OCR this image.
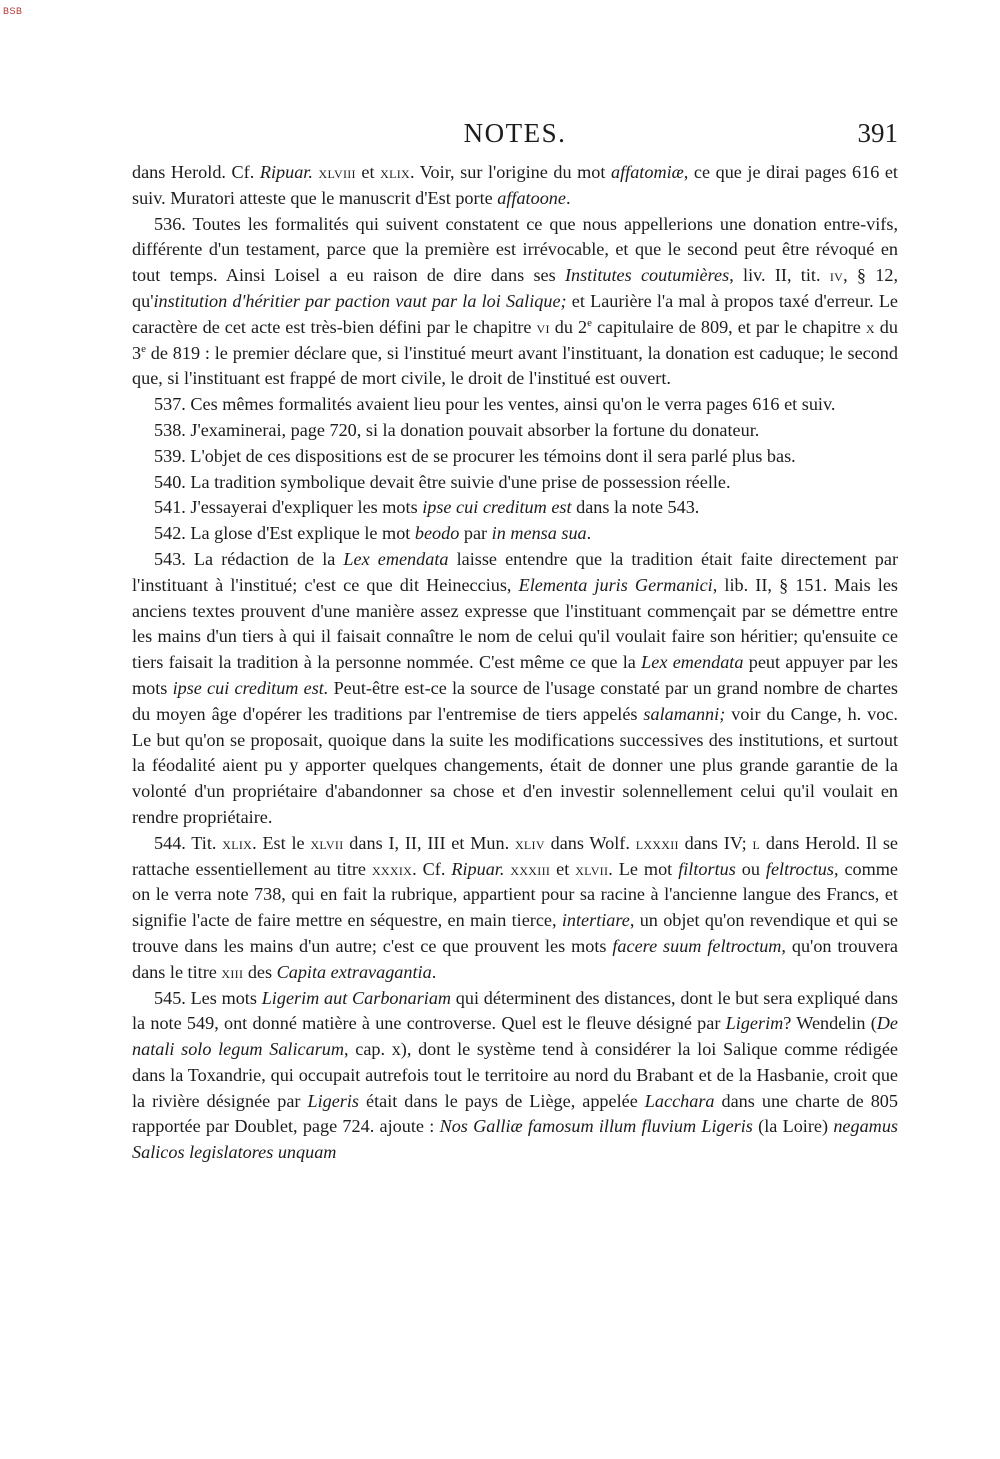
BSB
NOTES.	391

dans Herold. Cf. Ripuar. xlviii et xlix. Voir, sur l'origine du mot affatomiæ, ce que je dirai pages 616 et suiv. Muratori atteste que le manuscrit d'Est porte affatoone.

536. Toutes les formalités qui suivent constatent ce que nous appellerions une donation entre-vifs, différente d'un testament, parce que la première est irrévocable, et que le second peut être révoqué en tout temps. Ainsi Loisel a eu raison de dire dans ses Institutes coutumières, liv. II, tit. iv, § 12, qu'institution d'héritier par paction vaut par la loi Salique; et Laurière l'a mal à propos taxé d'erreur. Le caractère de cet acte est très-bien défini par le chapitre vi du 2e capitulaire de 809, et par le chapitre x du 3e de 819 : le premier déclare que, si l'institué meurt avant l'instituant, la donation est caduque; le second que, si l'instituant est frappé de mort civile, le droit de l'institué est ouvert.

537. Ces mêmes formalités avaient lieu pour les ventes, ainsi qu'on le verra pages 616 et suiv.

538. J'examinerai, page 720, si la donation pouvait absorber la fortune du donateur.

539. L'objet de ces dispositions est de se procurer les témoins dont il sera parlé plus bas.

540. La tradition symbolique devait être suivie d'une prise de possession réelle.

541. J'essayerai d'expliquer les mots ipse cui creditum est dans la note 543.

542. La glose d'Est explique le mot beodo par in mensa sua.

543. La rédaction de la Lex emendata laisse entendre que la tradition était faite directement par l'instituant à l'institué; c'est ce que dit Heineccius, Elementa juris Germanici, lib. II, § 151. Mais les anciens textes prouvent d'une manière assez expresse que l'instituant commençait par se démettre entre les mains d'un tiers à qui il faisait connaître le nom de celui qu'il voulait faire son héritier; qu'ensuite ce tiers faisait la tradition à la personne nommée. C'est même ce que la Lex emendata peut appuyer par les mots ipse cui creditum est. Peut-être est-ce la source de l'usage constaté par un grand nombre de chartes du moyen âge d'opérer les traditions par l'entremise de tiers appelés salamanni; voir du Cange, h. voc. Le but qu'on se proposait, quoique dans la suite les modifications successives des institutions, et surtout la féodalité aient pu y apporter quelques changements, était de donner une plus grande garantie de la volonté d'un propriétaire d'abandonner sa chose et d'en investir solennellement celui qu'il voulait en rendre propriétaire.

544. Tit. xlix. Est le xlvii dans I, II, III et Mun. xliv dans Wolf. lxxxii dans IV; l dans Herold. Il se rattache essentiellement au titre xxxix. Cf. Ripuar. xxxiii et xlvii. Le mot filtortus ou feltroctus, comme on le verra note 738, qui en fait la rubrique, appartient pour sa racine à l'ancienne langue des Francs, et signifie l'acte de faire mettre en séquestre, en main tierce, intertiare, un objet qu'on revendique et qui se trouve dans les mains d'un autre; c'est ce que prouvent les mots facere suum feltroctum, qu'on trouvera dans le titre xiii des Capita extravagantia.

545. Les mots Ligerim aut Carbonariam qui déterminent des distances, dont le but sera expliqué dans la note 549, ont donné matière à une controverse. Quel est le fleuve désigné par Ligerim? Wendelin (De natali solo legum Salicarum, cap. x), dont le système tend à considérer la loi Salique comme rédigée dans la Toxandrie, qui occupait autrefois tout le territoire au nord du Brabant et de la Hasbanie, croit que la rivière désignée par Ligeris était dans le pays de Liège, appelée Lacchara dans une charte de 805 rapportée par Doublet, page 724. ajoute : Nos Galliæ famosum illum fluvium Ligeris (la Loire) negamus Salicos legislatores unquam
